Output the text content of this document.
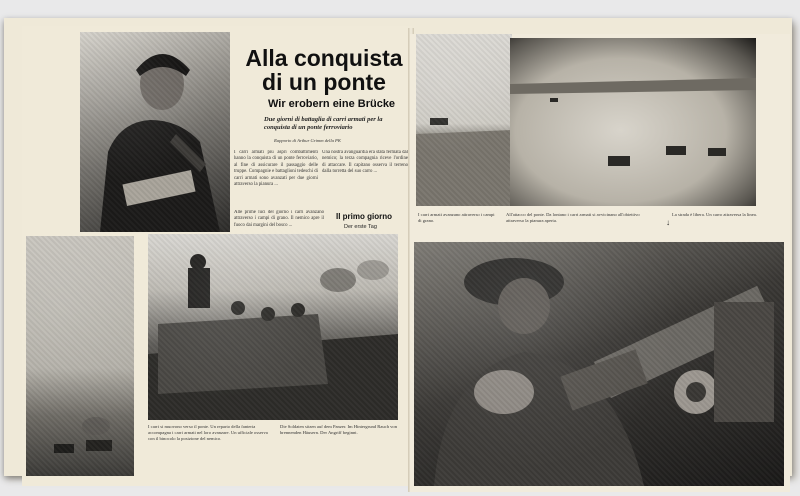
Alla conquista
di un ponte
Wir erobern eine Brücke
Due giorni di battaglia di carri armati per la conquista di un ponte ferroviario
Rapporto di Arthur Grimm della PK
I carri armati più aspri combattimenti hanno la conquista di un ponte ferroviario, al fine di assicurare il passaggio delle truppe. Compagnie e battaglioni tedeschi di carri armati sono avanzati per due giorni attraverso la pianura ...
Una nostra avanguardia era stata fermata dal nemico; la terza compagnia riceve l'ordine di attaccare. Il capitano osserva il terreno dalla torretta del suo carro ...
Alle prime luci del giorno i carri avanzano attraverso i campi di grano. Il nemico apre il fuoco dai margini del bosco ...
Il primo giorno
Der erste Tag
I carri si muovono verso il ponte. Un reparto della fanteria accompagna i carri armati nel loro avanzare. Un ufficiale osserva con il binocolo la posizione del nemico.
Die Soldaten sitzen auf dem Panzer. Im Hintergrund Rauch von brennenden Häusern. Der Angriff beginnt.
I carri armati avanzano attraverso i campi di grano.
All'attacco del ponte. Da lontano i carri armati si avvicinano all'obiettivo attraverso la pianura aperta.
La strada è libera. Un carro attraversa la linea.
↓
